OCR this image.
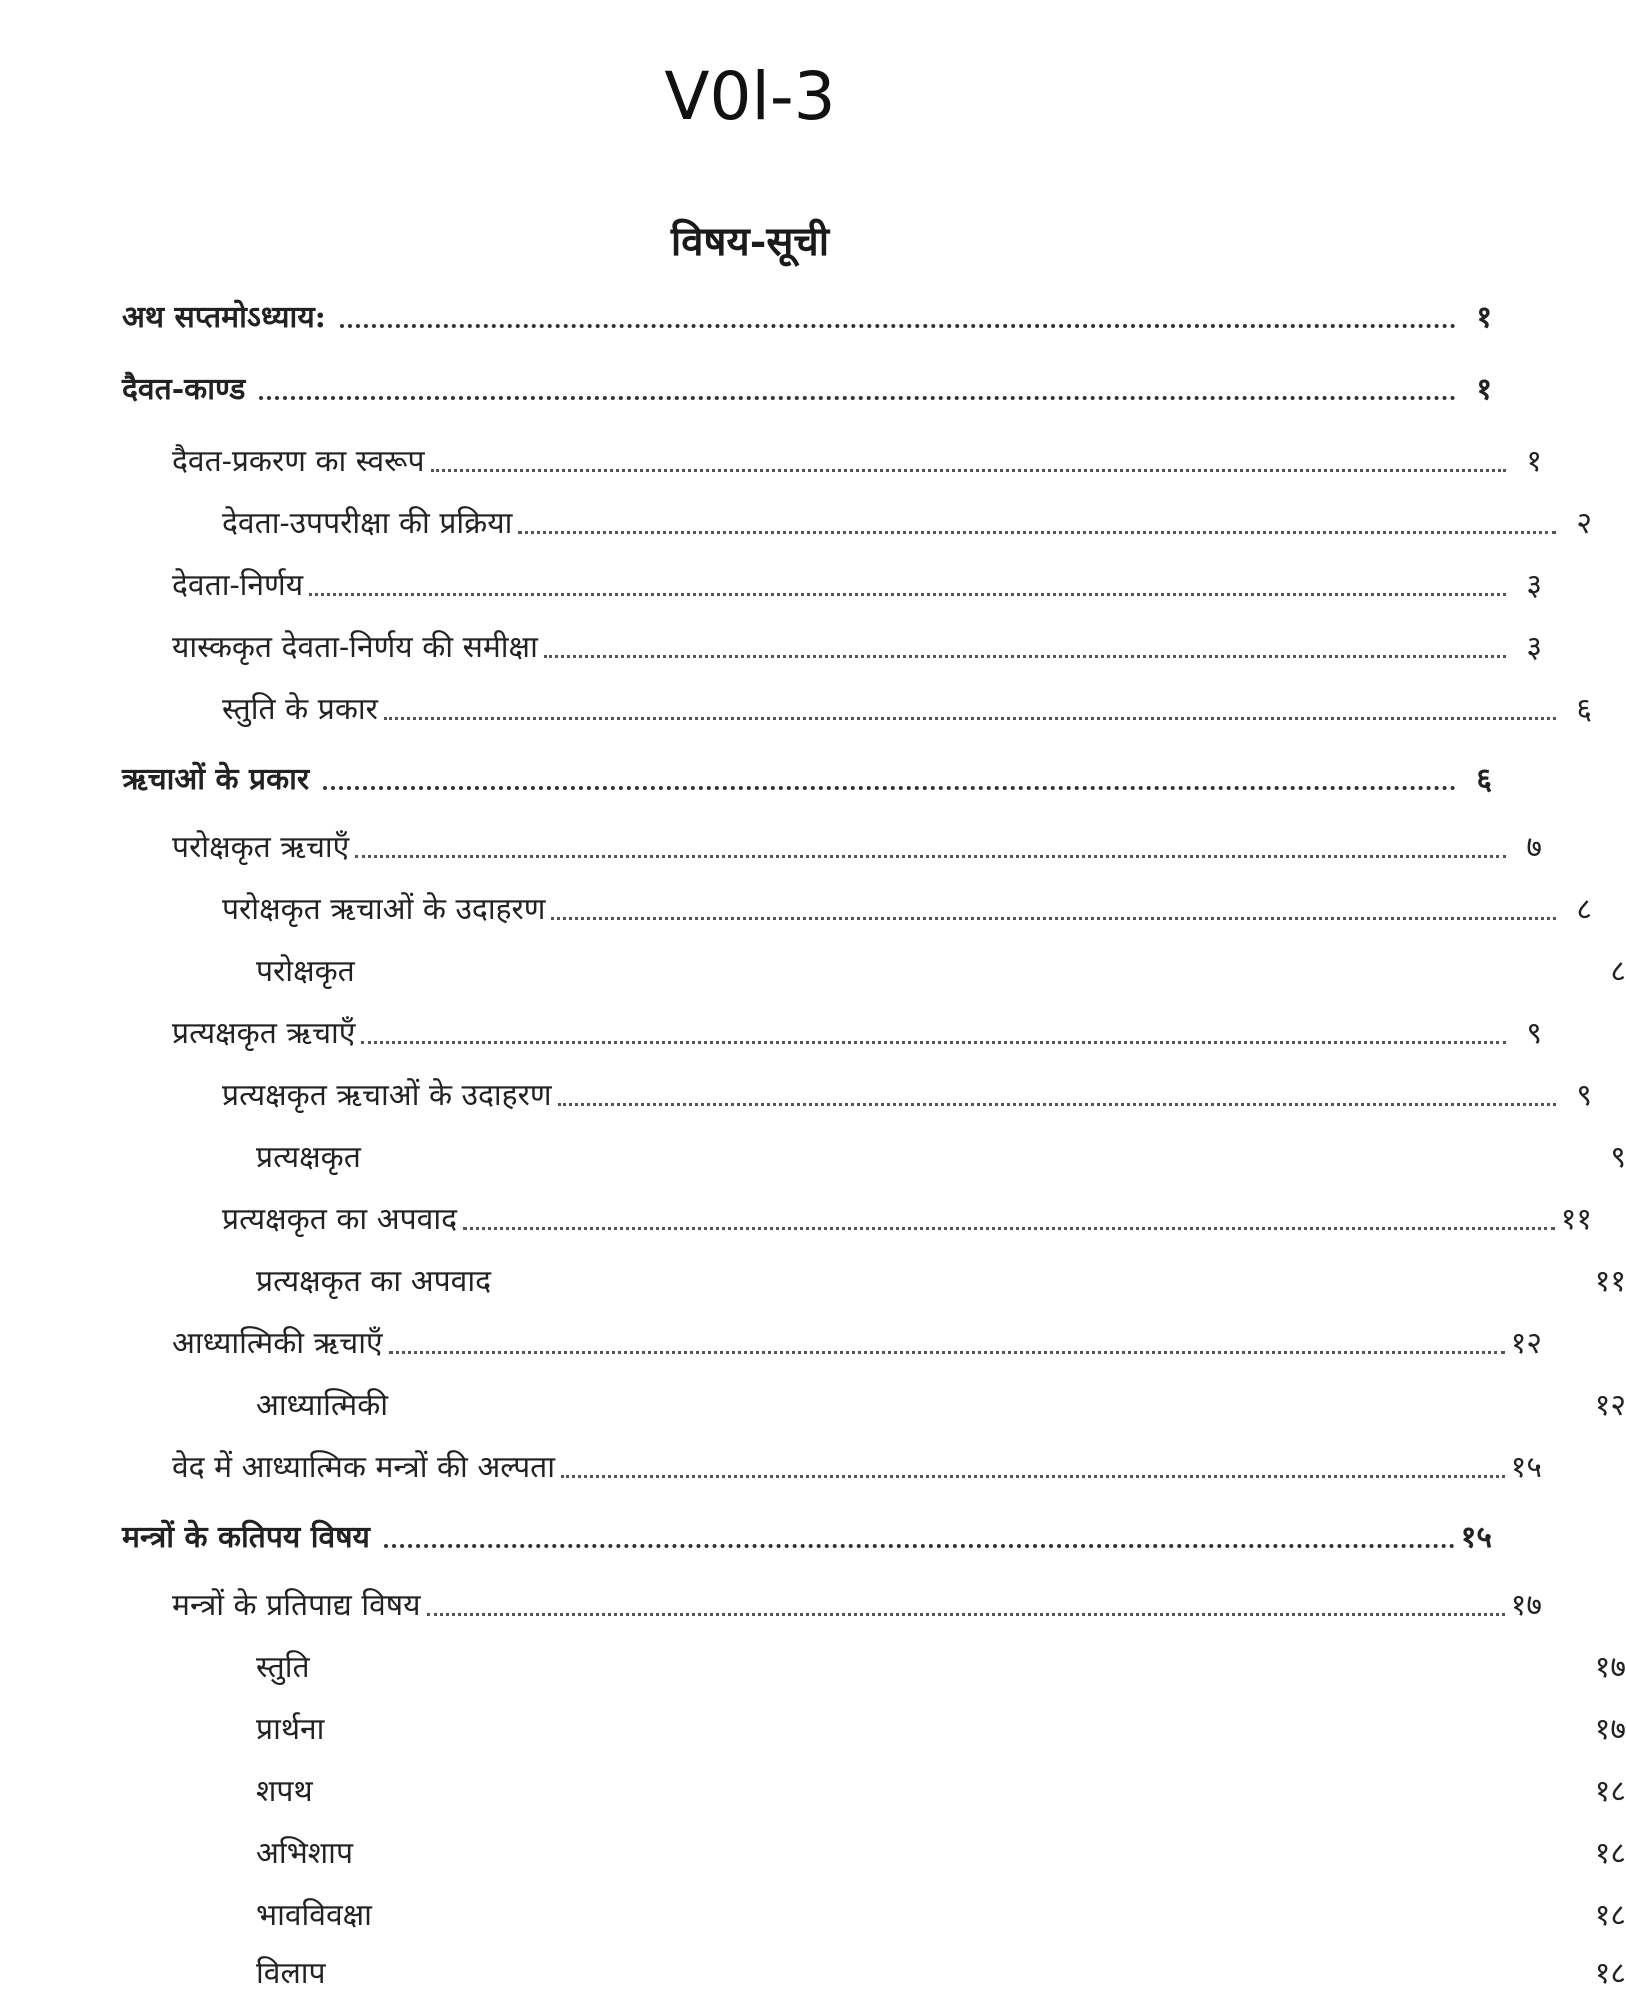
V0l-3
विषय-सूची
अथ सप्तमोऽध्याय:	१
दैवत-काण्ड	१
दैवत-प्रकरण का स्वरूप	१
देवता-उपपरीक्षा की प्रक्रिया	२
देवता-निर्णय	३
यास्ककृत देवता-निर्णय की समीक्षा	३
स्तुति के प्रकार	६
ऋचाओं के प्रकार	६
परोक्षकृत ऋचाएँ	७
परोक्षकृत ऋचाओं के उदाहरण	८
परोक्षकृत	८
प्रत्यक्षकृत ऋचाएँ	९
प्रत्यक्षकृत ऋचाओं के उदाहरण	९
प्रत्यक्षकृत	९
प्रत्यक्षकृत का अपवाद	११
प्रत्यक्षकृत का अपवाद	११
आध्यात्मिकी ऋचाएँ	१२
आध्यात्मिकी	१२
वेद में आध्यात्मिक मन्त्रों की अल्पता	१५
मन्त्रों के कतिपय विषय	१५
मन्त्रों के प्रतिपाद्य विषय	१७
स्तुति	१७
प्रार्थना	१७
शपथ	१८
अभिशाप	१८
भावविवक्षा	१८
विलाप	१८
